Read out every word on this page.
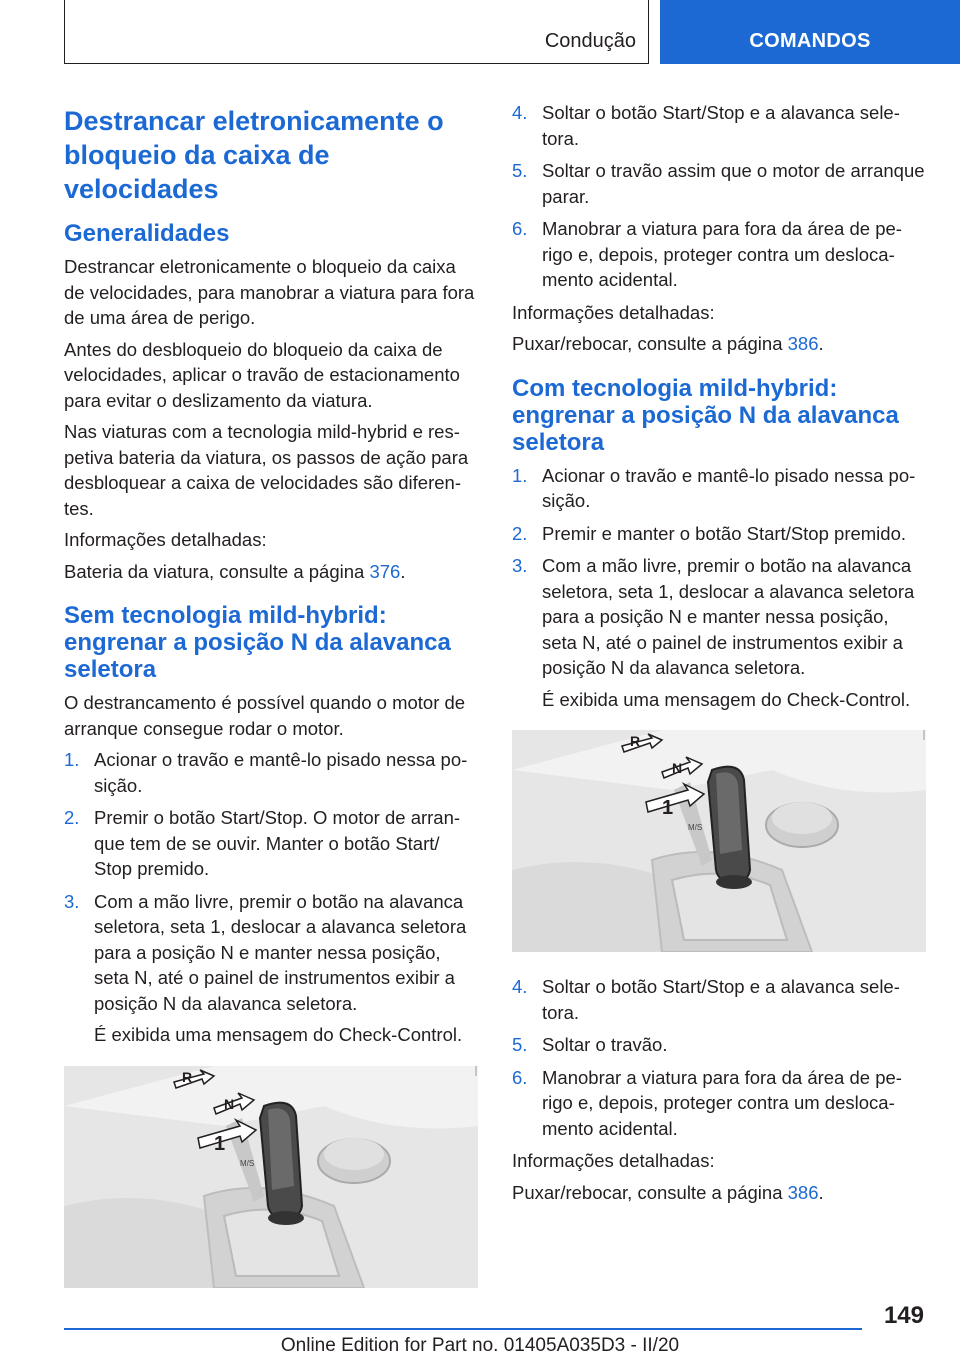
Condução	COMANDOS
Destrancar eletronicamente o bloqueio da caixa de velocidades
Generalidades

Destrancar eletronicamente o bloqueio da caixa de velocidades, para manobrar a viatura para fora de uma área de perigo.

Antes do desbloqueio do bloqueio da caixa de velocidades, aplicar o travão de estacionamento para evitar o deslizamento da viatura.

Nas viaturas com a tecnologia mild-hybrid e respetiva bateria da viatura, os passos de ação para desbloquear a caixa de velocidades são diferentes.

Informações detalhadas:

Bateria da viatura, consulte a página 376.

Sem tecnologia mild-hybrid: engrenar a posição N da alavanca seletora

O destrancamento é possível quando o motor de arranque consegue rodar o motor.

1. Acionar o travão e mantê-lo pisado nessa posição.
2. Premir o botão Start/Stop. O motor de arranque tem de se ouvir. Manter o botão Start/ Stop premido.
3. Com a mão livre, premir o botão na alavanca seletora, seta 1, deslocar a alavanca seletora para a posição N e manter nessa posição, seta N, até o painel de instrumentos exibir a posição N da alavanca seletora.
É exibida uma mensagem do Check-Control.
R
N
1
M/S
4. Soltar o botão Start/Stop e a alavanca seletora.
5. Soltar o travão assim que o motor de arranque parar.
6. Manobrar a viatura para fora da área de perigo e, depois, proteger contra um deslocamento acidental.

Informações detalhadas:

Puxar/rebocar, consulte a página 386.

Com tecnologia mild-hybrid: engrenar a posição N da alavanca seletora
1. Acionar o travão e mantê-lo pisado nessa posição.
2. Premir e manter o botão Start/Stop premido.
3. Com a mão livre, premir o botão na alavanca seletora, seta 1, deslocar a alavanca seletora para a posição N e manter nessa posição, seta N, até o painel de instrumentos exibir a posição N da alavanca seletora.
É exibida uma mensagem do Check-Control.
R
N
1
M/S
4. Soltar o botão Start/Stop e a alavanca seletora.
5. Soltar o travão.
6. Manobrar a viatura para fora da área de perigo e, depois, proteger contra um deslocamento acidental.

Informações detalhadas:

Puxar/rebocar, consulte a página 386.

149
Online Edition for Part no. 01405A035D3 - II/20
